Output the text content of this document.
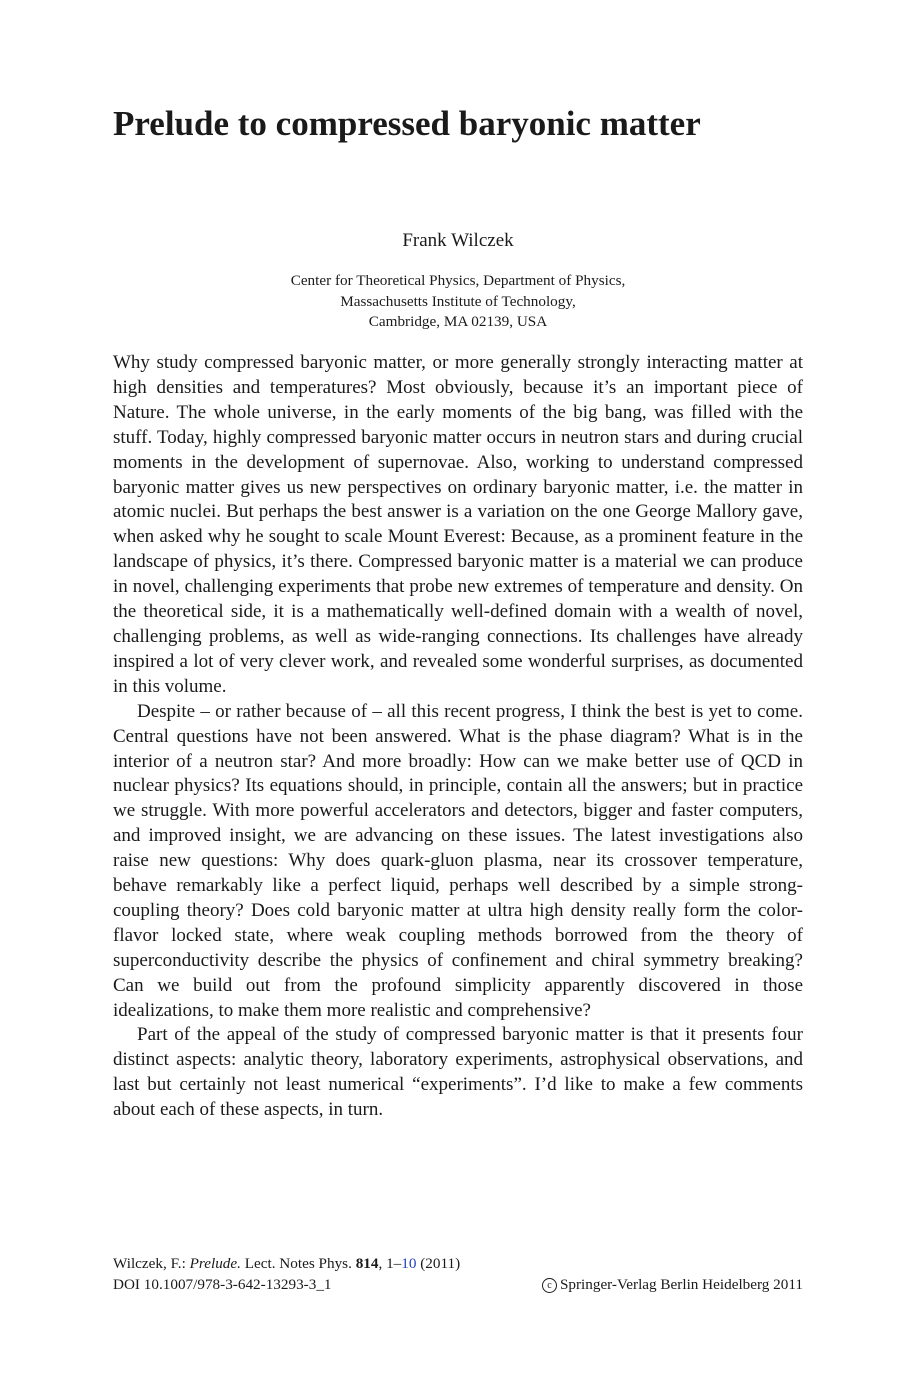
Prelude to compressed baryonic matter
Frank Wilczek
Center for Theoretical Physics, Department of Physics,
Massachusetts Institute of Technology,
Cambridge, MA 02139, USA

Why study compressed baryonic matter, or more generally strongly interacting matter at high densities and temperatures? Most obviously, because it’s an important piece of Nature. The whole universe, in the early moments of the big bang, was filled with the stuff. Today, highly compressed baryonic matter occurs in neutron stars and during crucial moments in the development of supernovae. Also, working to understand compressed baryonic matter gives us new perspectives on ordinary baryonic matter, i.e. the matter in atomic nuclei. But perhaps the best answer is a variation on the one George Mallory gave, when asked why he sought to scale Mount Everest: Because, as a prominent feature in the landscape of physics, it’s there. Compressed baryonic matter is a material we can produce in novel, challenging experiments that probe new extremes of temperature and density. On the theoretical side, it is a mathematically well-defined domain with a wealth of novel, challenging problems, as well as wide-ranging connections. Its challenges have already inspired a lot of very clever work, and revealed some wonderful surprises, as documented in this volume.

Despite – or rather because of – all this recent progress, I think the best is yet to come. Central questions have not been answered. What is the phase diagram? What is in the interior of a neutron star? And more broadly: How can we make better use of QCD in nuclear physics? Its equations should, in principle, contain all the answers; but in practice we struggle. With more powerful accelerators and detectors, bigger and faster computers, and improved insight, we are advancing on these issues. The latest investigations also raise new questions: Why does quark-gluon plasma, near its crossover temperature, behave remarkably like a perfect liquid, perhaps well described by a simple strong-coupling theory? Does cold baryonic matter at ultra high density really form the color-flavor locked state, where weak coupling methods borrowed from the theory of superconductivity describe the physics of confinement and chiral symmetry breaking? Can we build out from the profound simplicity apparently discovered in those idealizations, to make them more realistic and comprehensive?

Part of the appeal of the study of compressed baryonic matter is that it presents four distinct aspects: analytic theory, laboratory experiments, astrophysical observations, and last but certainly not least numerical “experiments”. I’d like to make a few comments about each of these aspects, in turn.

Wilczek, F.: Prelude. Lect. Notes Phys. 814, 1–10 (2011)
DOI 10.1007/978-3-642-13293-3_1	c Springer-Verlag Berlin Heidelberg 2011
